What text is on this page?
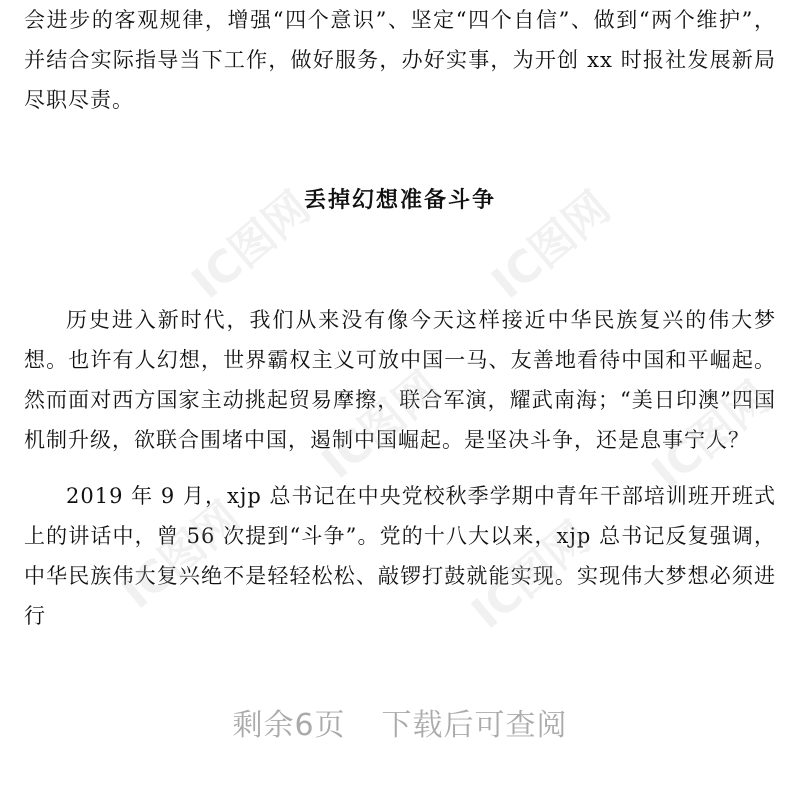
会进步的客观规律，增强“四个意识”、坚定“四个自信”、做到“两个维护”，并结合实际指导当下工作，做好服务，办好实事，为开创 xx 时报社发展新局尽职尽责。

丢掉幻想准备斗争

历史进入新时代，我们从来没有像今天这样接近中华民族复兴的伟大梦想。也许有人幻想，世界霸权主义可放中国一马、友善地看待中国和平崛起。然而面对西方国家主动挑起贸易摩擦，联合军演，耀武南海；“美日印澳”四国机制升级，欲联合围堵中国，遏制中国崛起。是坚决斗争，还是息事宁人？

2019 年 9 月，xjp 总书记在中央党校秋季学期中青年干部培训班开班式上的讲话中，曾 56 次提到“斗争”。党的十八大以来，xjp 总书记反复强调，中华民族伟大复兴绝不是轻轻松松、敲锣打鼓就能实现。实现伟大梦想必须进行

IC图网	IC图网
IC图网	IC图网
IC图网	IC图网
剩余6页 下载后可查阅
